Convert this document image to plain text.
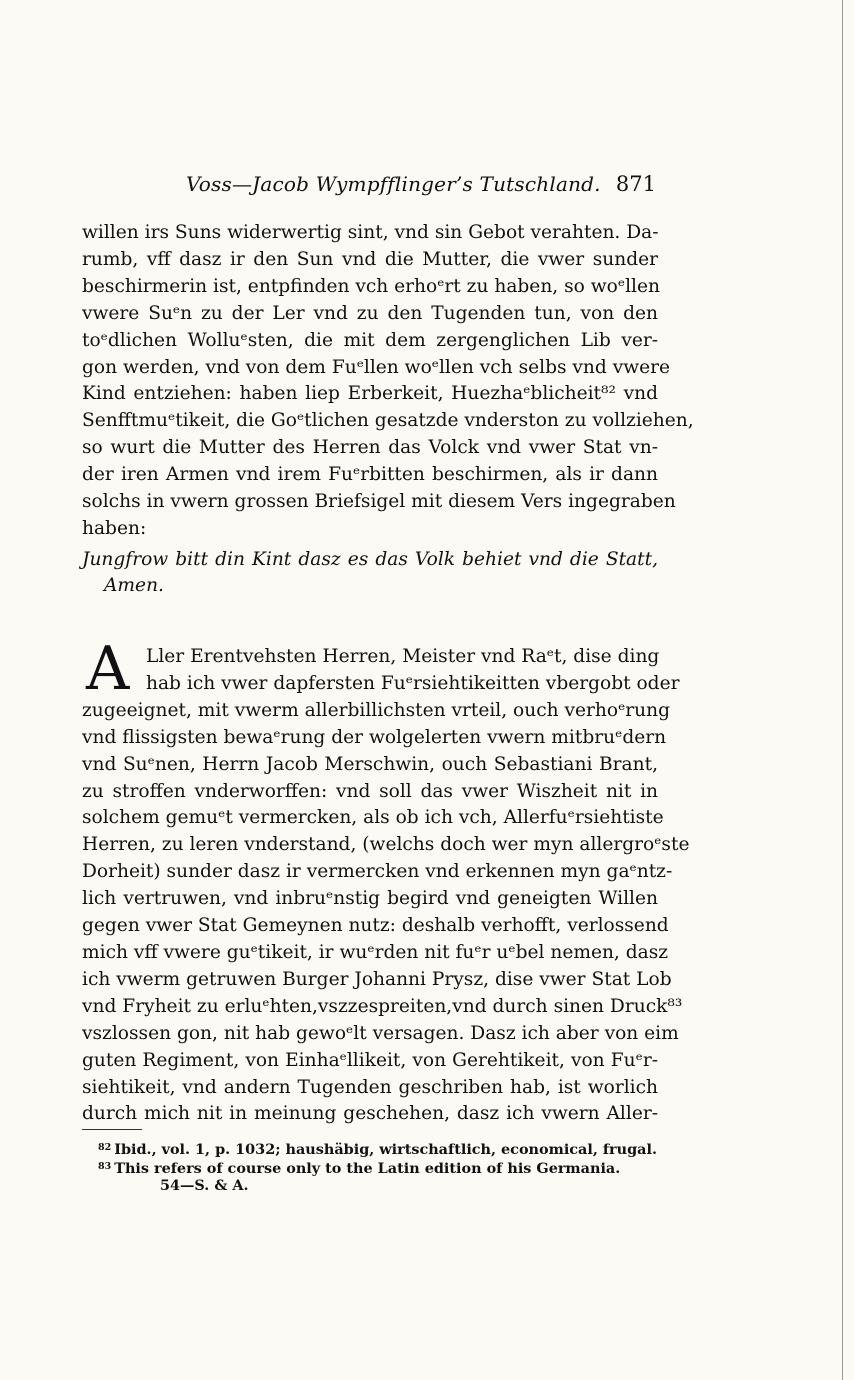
Voss—Jacob Wympfflinger’s Tutschland. 871
willen irs Suns widerwertig sint, vnd sin Gebot verahten. Da-
rumb, vff dasz ir den Sun vnd die Mutter, die vwer sunder
beschirmerin ist, entpfinden vch erhoᵉrt zu haben, so woᵉllen
vwere Suᵉn zu der Ler vnd zu den Tugenden tun, von den
toᵉdlichen Wolluᵉsten, die mit dem zergenglichen Lib ver-
gon werden, vnd von dem Fuᵉllen woᵉllen vch selbs vnd vwere
Kind entziehen: haben liep Erberkeit, Huezhaᵉblicheit⁸² vnd
Senfftmuᵉtikeit, die Goᵉtlichen gesatzde vnderston zu vollziehen,
so wurt die Mutter des Herren das Volck vnd vwer Stat vn-
der iren Armen vnd irem Fuᵉrbitten beschirmen, als ir dann
solchs in vwern grossen Briefsigel mit diesem Vers ingegraben
haben:
Jungfrow bitt din Kint dasz es das Volk behiet vnd die Statt,
Amen.
A Ller Erentvehsten Herren, Meister vnd Raᵉt, dise ding
hab ich vwer dapfersten Fuᵉrsiehtikeitten vbergobt oder
zugeeignet, mit vwerm allerbillichsten vrteil, ouch verhoᵉrung
vnd flissigsten bewaᵉrung der wolgelerten vwern mitbruᵉdern
vnd Suᵉnen, Herrn Jacob Merschwin, ouch Sebastiani Brant,
zu stroffen vnderworffen: vnd soll das vwer Wiszheit nit in
solchem gemuᵉt vermercken, als ob ich vch, Allerfuᵉrsiehtiste
Herren, zu leren vnderstand, (welchs doch wer myn allergroᵉste
Dorheit) sunder dasz ir vermercken vnd erkennen myn gaᵉntz-
lich vertruwen, vnd inbruᵉnstig begird vnd geneigten Willen
gegen vwer Stat Gemeynen nutz: deshalb verhofft, verlossend
mich vff vwere guᵉtikeit, ir wuᵉrden nit fuᵉr uᵉbel nemen, dasz
ich vwerm getruwen Burger Johanni Prysz, dise vwer Stat Lob
vnd Fryheit zu erluᵉhten,vszzespreiten,vnd durch sinen Druck⁸³
vszlossen gon, nit hab gewoᵉlt versagen. Dasz ich aber von eim
guten Regiment, von Einhaᵉllikeit, von Gerehtikeit, von Fuᵉr-
siehtikeit, vnd andern Tugenden geschriben hab, ist worlich
durch mich nit in meinung geschehen, dasz ich vwern Aller-
$^{82}$ Ibid., vol. 1, p. 1032; haushäbig, wirtschaftlich, economical, frugal.
$^{83}$ This refers of course only to the Latin edition of his Germania.
54—S. & A.
